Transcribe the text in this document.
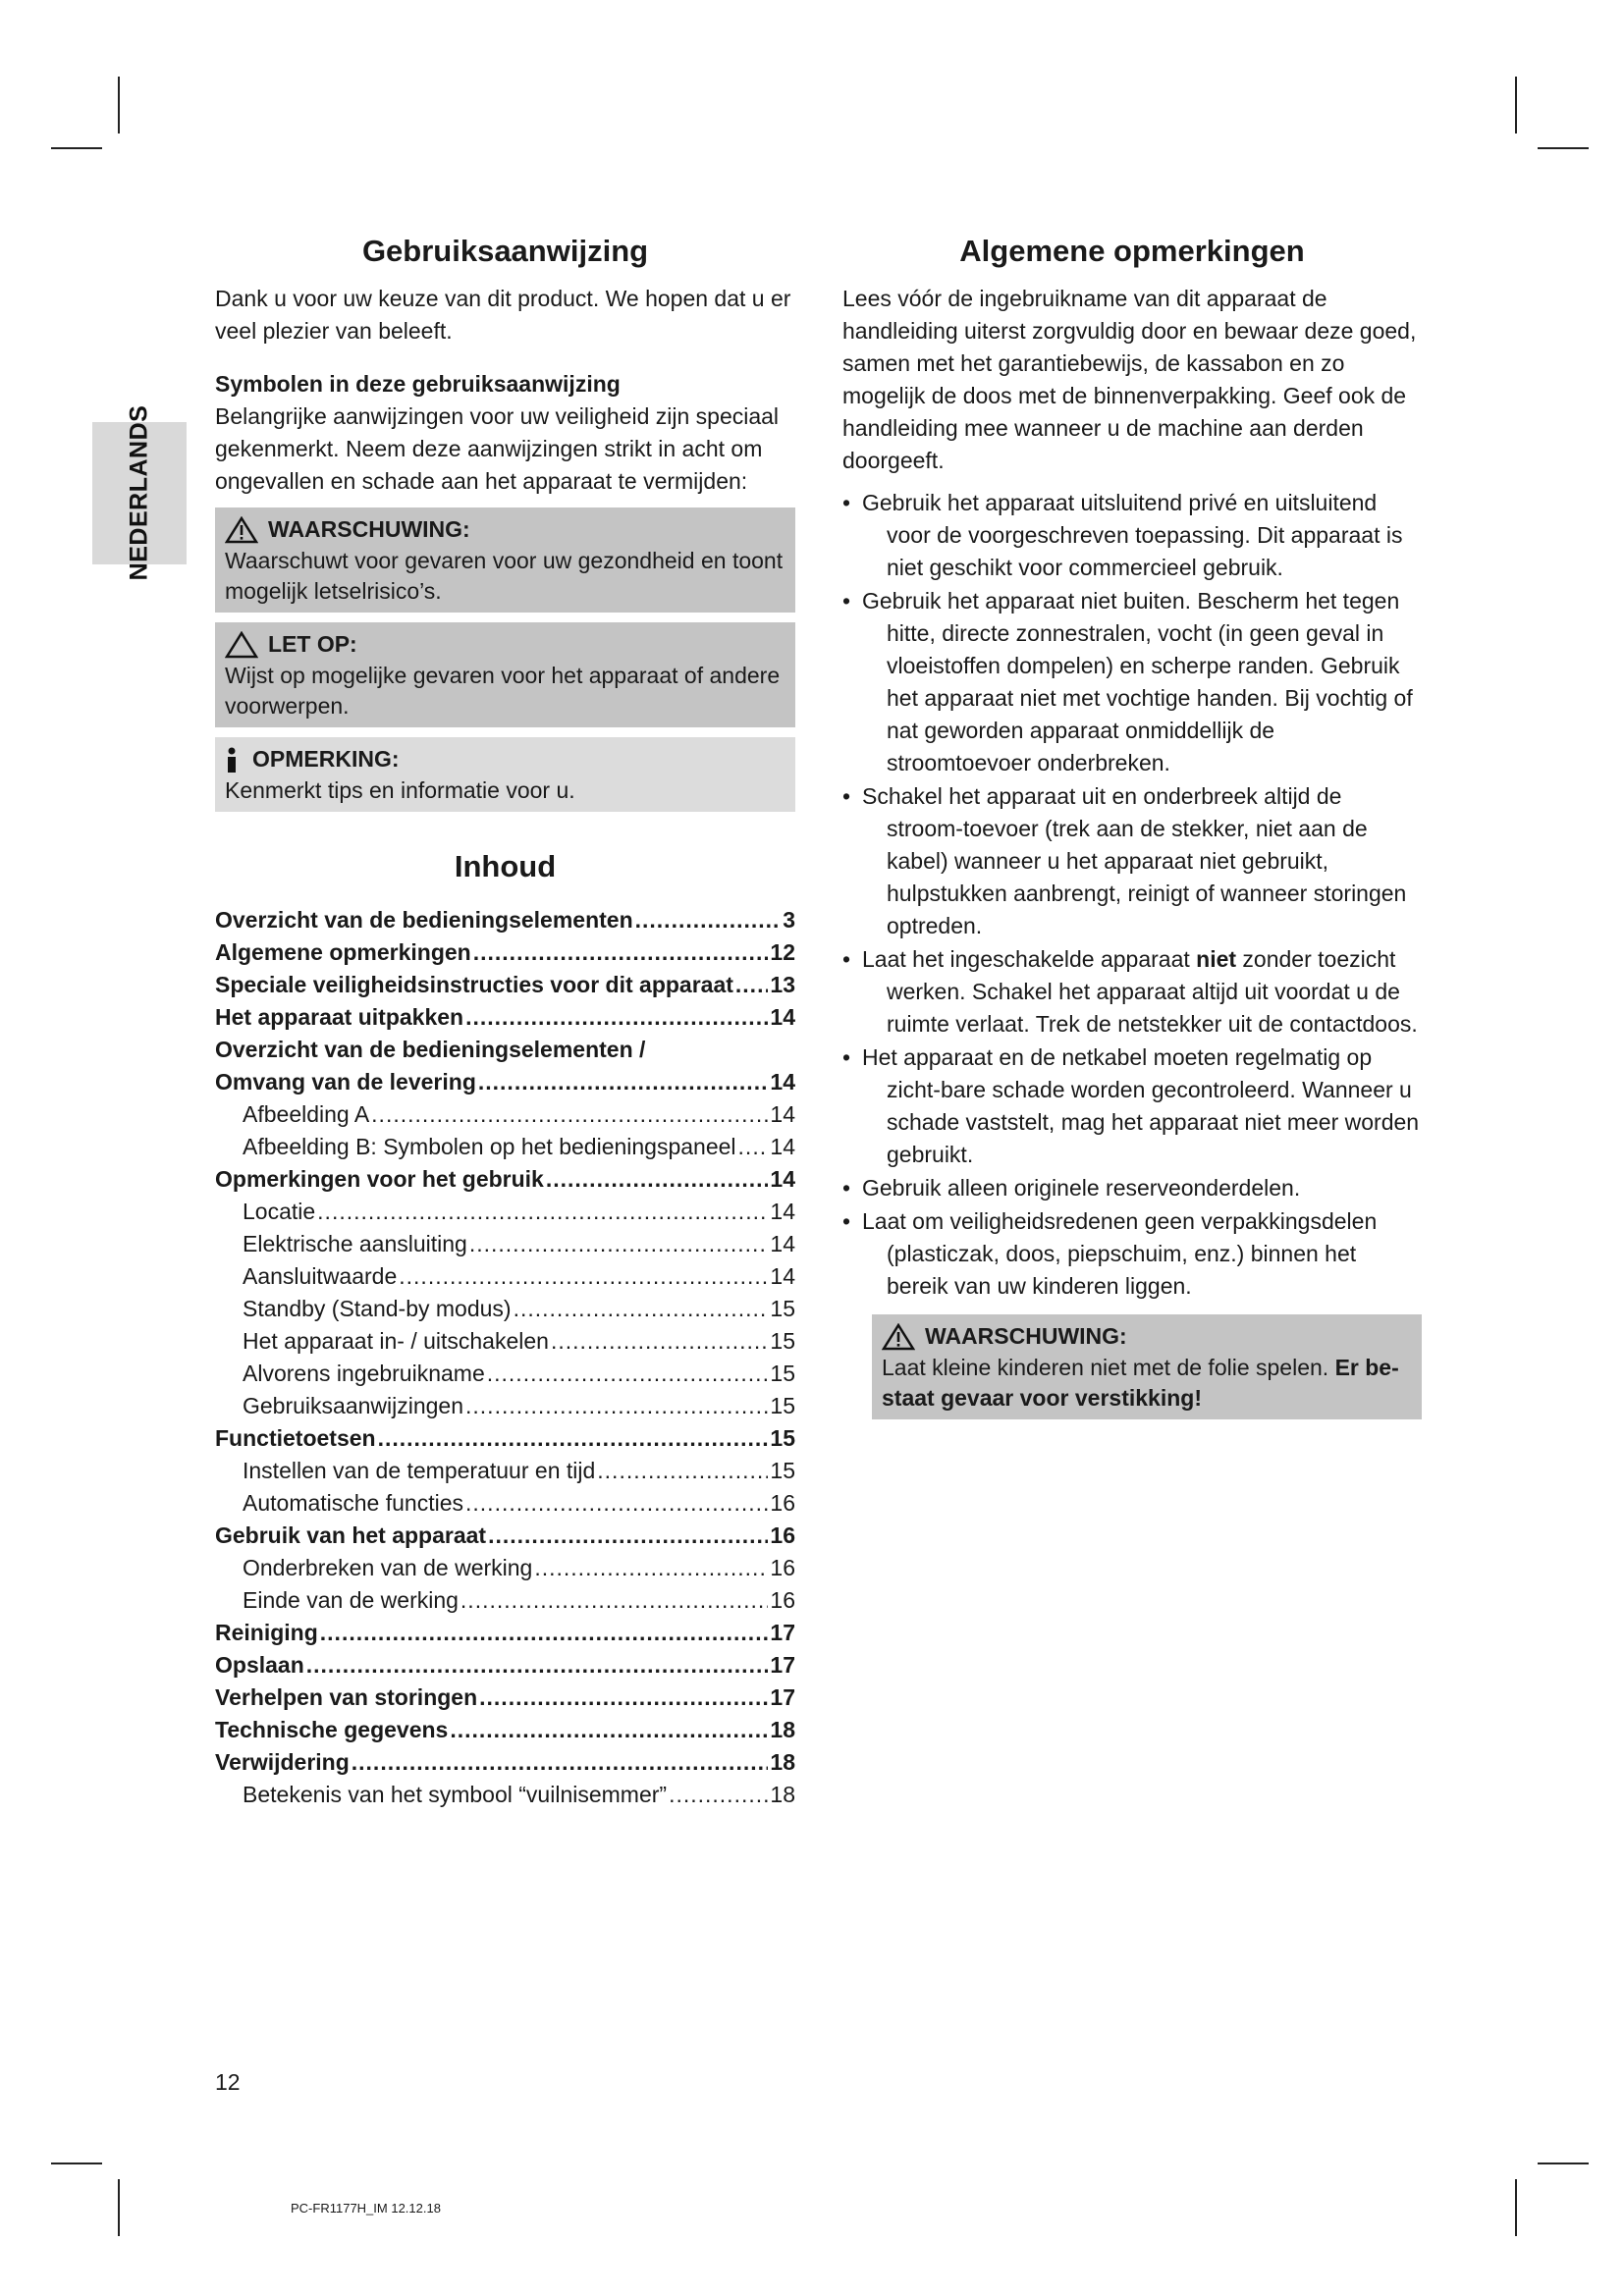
NEDERLANDS
Gebruiksaanwijzing

Dank u voor uw keuze van dit product. We hopen dat u er veel plezier van beleeft.

Symbolen in deze gebruiksaanwijzing

Belangrijke aanwijzingen voor uw veiligheid zijn speciaal gekenmerkt. Neem deze aanwijzingen strikt in acht om ongevallen en schade aan het apparaat te vermijden:

WAARSCHUWING:
Waarschuwt voor gevaren voor uw gezondheid en toont mogelijk letselrisico’s.
LET OP:
Wijst op mogelijke gevaren voor het apparaat of andere voorwerpen.
OPMERKING:
Kenmerkt tips en informatie voor u.
Inhoud
Overzicht van de bedieningselementen .....	3
Algemene opmerkingen .....	12
Speciale veiligheidsinstructies voor dit apparaat ..... 13
Het apparaat uitpakken .....	14
Overzicht van de bedieningselementen /
Omvang van de levering .....	14
Afbeelding A .....	14
Afbeelding B: Symbolen op het bedieningspaneel ..... 14
Opmerkingen voor het gebruik .....	14
Locatie .....	14
Elektrische aansluiting .....	14
Aansluitwaarde .....	14
Standby (Stand-by modus) .....	15
Het apparaat in- / uitschakelen .....	15
Alvorens ingebruikname .....	15
Gebruiksaanwijzingen .....	15
Functietoetsen .....	15
Instellen van de temperatuur en tijd .....	15
Automatische functies .....	16
Gebruik van het apparaat .....	16
Onderbreken van de werking .....	16
Einde van de werking .....	16
Reiniging .....	17
Opslaan .....	17
Verhelpen van storingen .....	17
Technische gegevens .....	18
Verwijdering .....	18
Betekenis van het symbool “vuilnisemmer” .....	18
Algemene opmerkingen

Lees vóór de ingebruikname van dit apparaat de handleiding uiterst zorgvuldig door en bewaar deze goed, samen met het garantiebewijs, de kassabon en zo mogelijk de doos met de binnenverpakking. Geef ook de handleiding mee wanneer u de machine aan derden doorgeeft.

• Gebruik het apparaat uitsluitend privé en uitsluitend voor de voorgeschreven toepassing. Dit apparaat is niet geschikt voor commercieel gebruik.
• Gebruik het apparaat niet buiten. Bescherm het tegen hitte, directe zonnestralen, vocht (in geen geval in vloeistoffen dompelen) en scherpe randen. Gebruik het apparaat niet met vochtige handen. Bij vochtig of nat geworden apparaat onmiddellijk de stroomtoevoer onderbreken.
• Schakel het apparaat uit en onderbreek altijd de stroom-toevoer (trek aan de stekker, niet aan de kabel) wanneer u het apparaat niet gebruikt, hulpstukken aanbrengt, reinigt of wanneer storingen optreden.
• Laat het ingeschakelde apparaat niet zonder toezicht werken. Schakel het apparaat altijd uit voordat u de ruimte verlaat. Trek de netstekker uit de contactdoos.
• Het apparaat en de netkabel moeten regelmatig op zicht-bare schade worden gecontroleerd. Wanneer u schade vaststelt, mag het apparaat niet meer worden gebruikt.
• Gebruik alleen originele reserveonderdelen.
• Laat om veiligheidsredenen geen verpakkingsdelen (plasticzak, doos, piepschuim, enz.) binnen het bereik van uw kinderen liggen.
WAARSCHUWING:
Laat kleine kinderen niet met de folie spelen. Er be-staat gevaar voor verstikking!
12
PC-FR1177H_IM 12.12.18
